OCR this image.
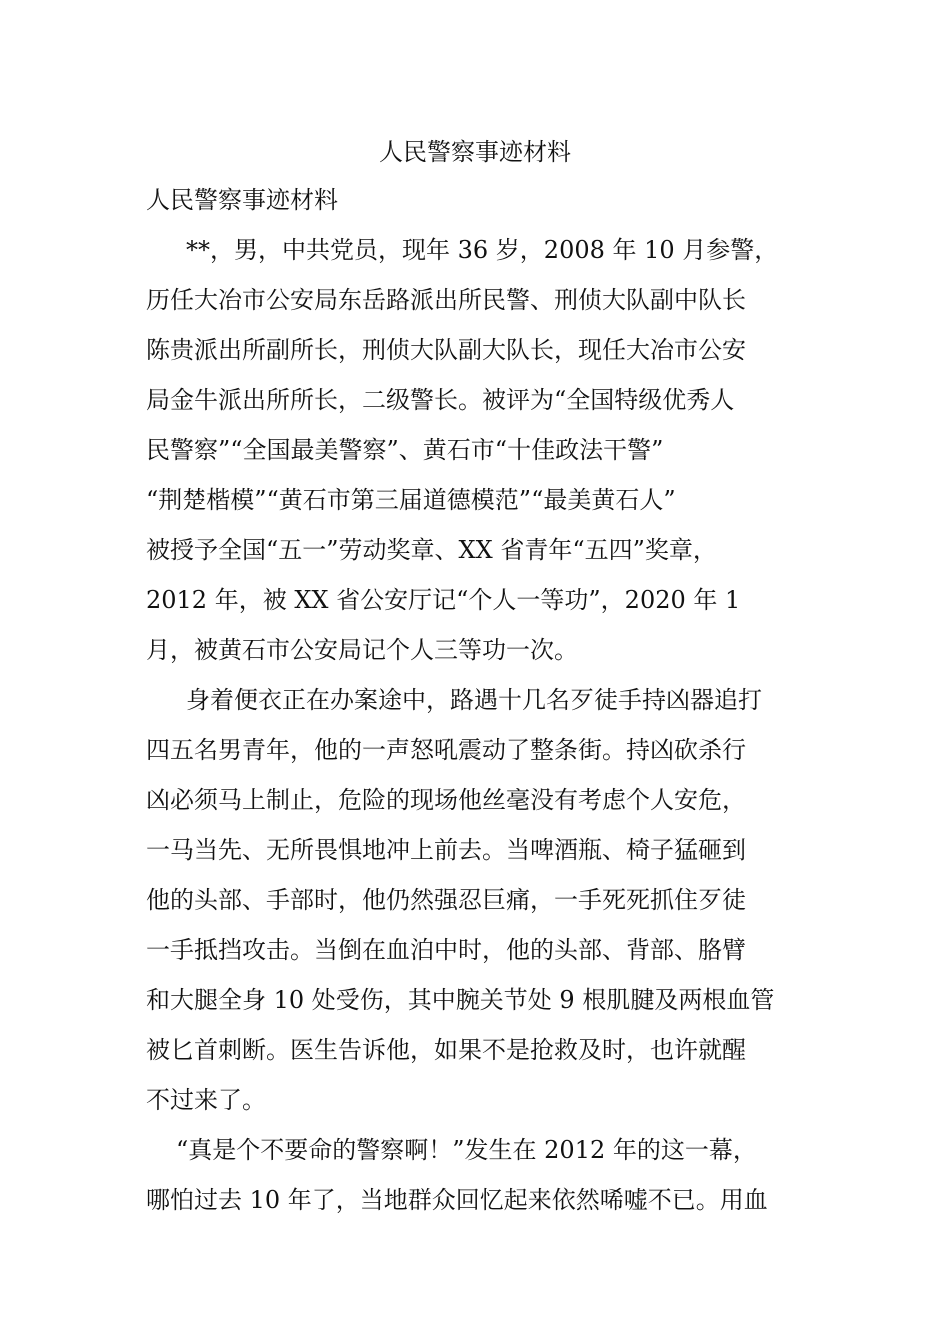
人民警察事迹材料
人民警察事迹材料
**，男，中共党员，现年 36 岁，2008 年 10 月参警，
历任大冶市公安局东岳路派出所民警、刑侦大队副中队长
陈贵派出所副所长，刑侦大队副大队长，现任大冶市公安
局金牛派出所所长，二级警长。被评为“全国特级优秀人
民警察”“全国最美警察”、黄石市“十佳政法干警”
“荆楚楷模”“黄石市第三届道德模范”“最美黄石人”
被授予全国“五一”劳动奖章、XX 省青年“五四”奖章，
2012 年，被 XX 省公安厅记“个人一等功”，2020 年 1
月，被黄石市公安局记个人三等功一次。
身着便衣正在办案途中，路遇十几名歹徒手持凶器追打
四五名男青年，他的一声怒吼震动了整条街。持凶砍杀行
凶必须马上制止，危险的现场他丝毫没有考虑个人安危，
一马当先、无所畏惧地冲上前去。当啤酒瓶、椅子猛砸到
他的头部、手部时，他仍然强忍巨痛，一手死死抓住歹徒
一手抵挡攻击。当倒在血泊中时，他的头部、背部、胳臂
和大腿全身 10 处受伤，其中腕关节处 9 根肌腱及两根血管
被匕首刺断。医生告诉他，如果不是抢救及时，也许就醒
不过来了。
“真是个不要命的警察啊！”发生在 2012 年的这一幕，
哪怕过去 10 年了，当地群众回忆起来依然唏嘘不已。用血
